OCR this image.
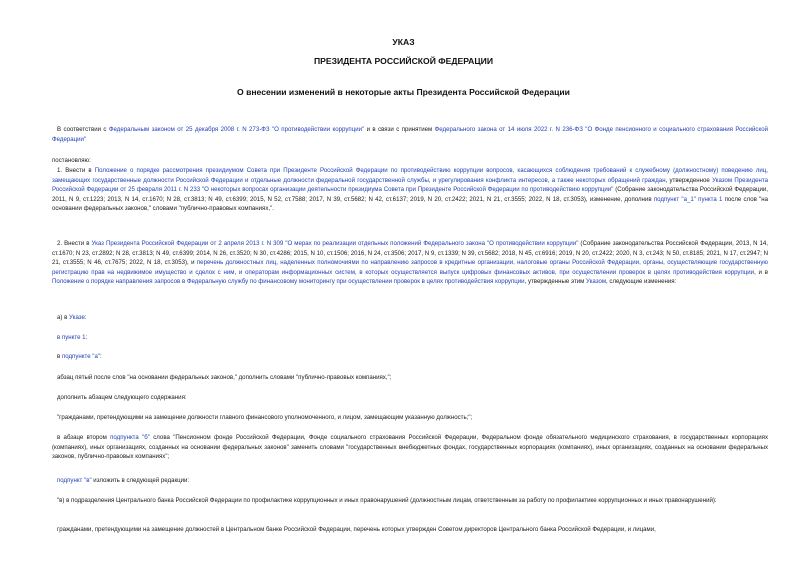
УКАЗ
ПРЕЗИДЕНТА РОССИЙСКОЙ ФЕДЕРАЦИИ
О внесении изменений в некоторые акты Президента Российской Федерации

В соответствии с Федеральным законом от 25 декабря 2008 г. N 273-ФЗ "О противодействии коррупции" и в связи с принятием Федерального закона от 14 июля 2022 г. N 236-ФЗ "О Фонде пенсионного и социального страхования Российской Федерации"

постановляю:

1. Внести в Положение о порядке рассмотрения президиумом Совета при Президенте Российской Федерации по противодействию коррупции вопросов, касающихся соблюдения требований к служебному (должностному) поведению лиц, замещающих государственные должности Российской Федерации и отдельные должности федеральной государственной службы, и урегулирования конфликта интересов, а также некоторых обращений граждан, утвержденное Указом Президента Российской Федерации от 25 февраля 2011 г. N 233 "О некоторых вопросах организации деятельности президиума Совета при Президенте Российской Федерации по противодействию коррупции" (Собрание законодательства Российской Федерации, 2011, N 9, ст.1223; 2013, N 14, ст.1670; N 28, ст.3813; N 49, ст.6399; 2015, N 52, ст.7588; 2017, N 39, ст.5682; N 42, ст.6137; 2019, N 20, ст.2422; 2021, N 21, ст.3555; 2022, N 18, ст.3053), изменение, дополнив подпункт "а_1" пункта 1 после слов "на основании федеральных законов," словами "публично-правовых компаниях,".

2. Внести в Указ Президента Российской Федерации от 2 апреля 2013 г. N 309 "О мерах по реализации отдельных положений Федерального закона "О противодействии коррупции" (Собрание законодательства Российской Федерации, 2013, N 14, ст.1670; N 23, ст.2892; N 28, ст.3813; N 49, ст.6399; 2014, N 26, ст.3520; N 30, ст.4286; 2015, N 10, ст.1506; 2016, N 24, ст.3506; 2017, N 9, ст.1339; N 39, ст.5682; 2018, N 45, ст.6916; 2019, N 20, ст.2422; 2020, N 3, ст.243; N 50, ст.8185; 2021, N 17, ст.2947; N 21, ст.3555; N 46, ст.7675; 2022, N 18, ст.3053), и перечень должностных лиц, наделенных полномочиями по направлению запросов в кредитные организации, налоговые органы Российской Федерации, органы, осуществляющие государственную регистрацию прав на недвижимое имущество и сделок с ним, и операторам информационных систем, в которых осуществляется выпуск цифровых финансовых активов, при осуществлении проверок в целях противодействия коррупции, и в Положение о порядке направления запросов в Федеральную службу по финансовому мониторингу при осуществлении проверок в целях противодействия коррупции, утвержденные этим Указом, следующие изменения:

а) в Указе:

в пункте 1:

в подпункте "а":

абзац пятый после слов "на основании федеральных законов," дополнить словами "публично-правовых компаниях,";

дополнить абзацем следующего содержания:

"гражданами, претендующими на замещение должности главного финансового уполномоченного, и лицом, замещающим указанную должность;";

в абзаце втором подпункта "б" слова "Пенсионном фонде Российской Федерации, Фонде социального страхования Российской Федерации, Федеральном фонде обязательного медицинского страхования, в государственных корпорациях (компаниях), иных организациях, созданных на основании федеральных законов" заменить словами "государственных внебюджетных фондах, государственных корпорациях (компаниях), иных организациях, созданных на основании федеральных законов, публично-правовых компаниях";

подпункт "в" изложить в следующей редакции:

"в) в подразделения Центрального банка Российской Федерации по профилактике коррупционных и иных правонарушений (должностным лицам, ответственным за работу по профилактике коррупционных и иных правонарушений):

гражданами, претендующими на замещение должностей в Центральном банке Российской Федерации, перечень которых утвержден Советом директоров Центрального банка Российской Федерации, и лицами,
